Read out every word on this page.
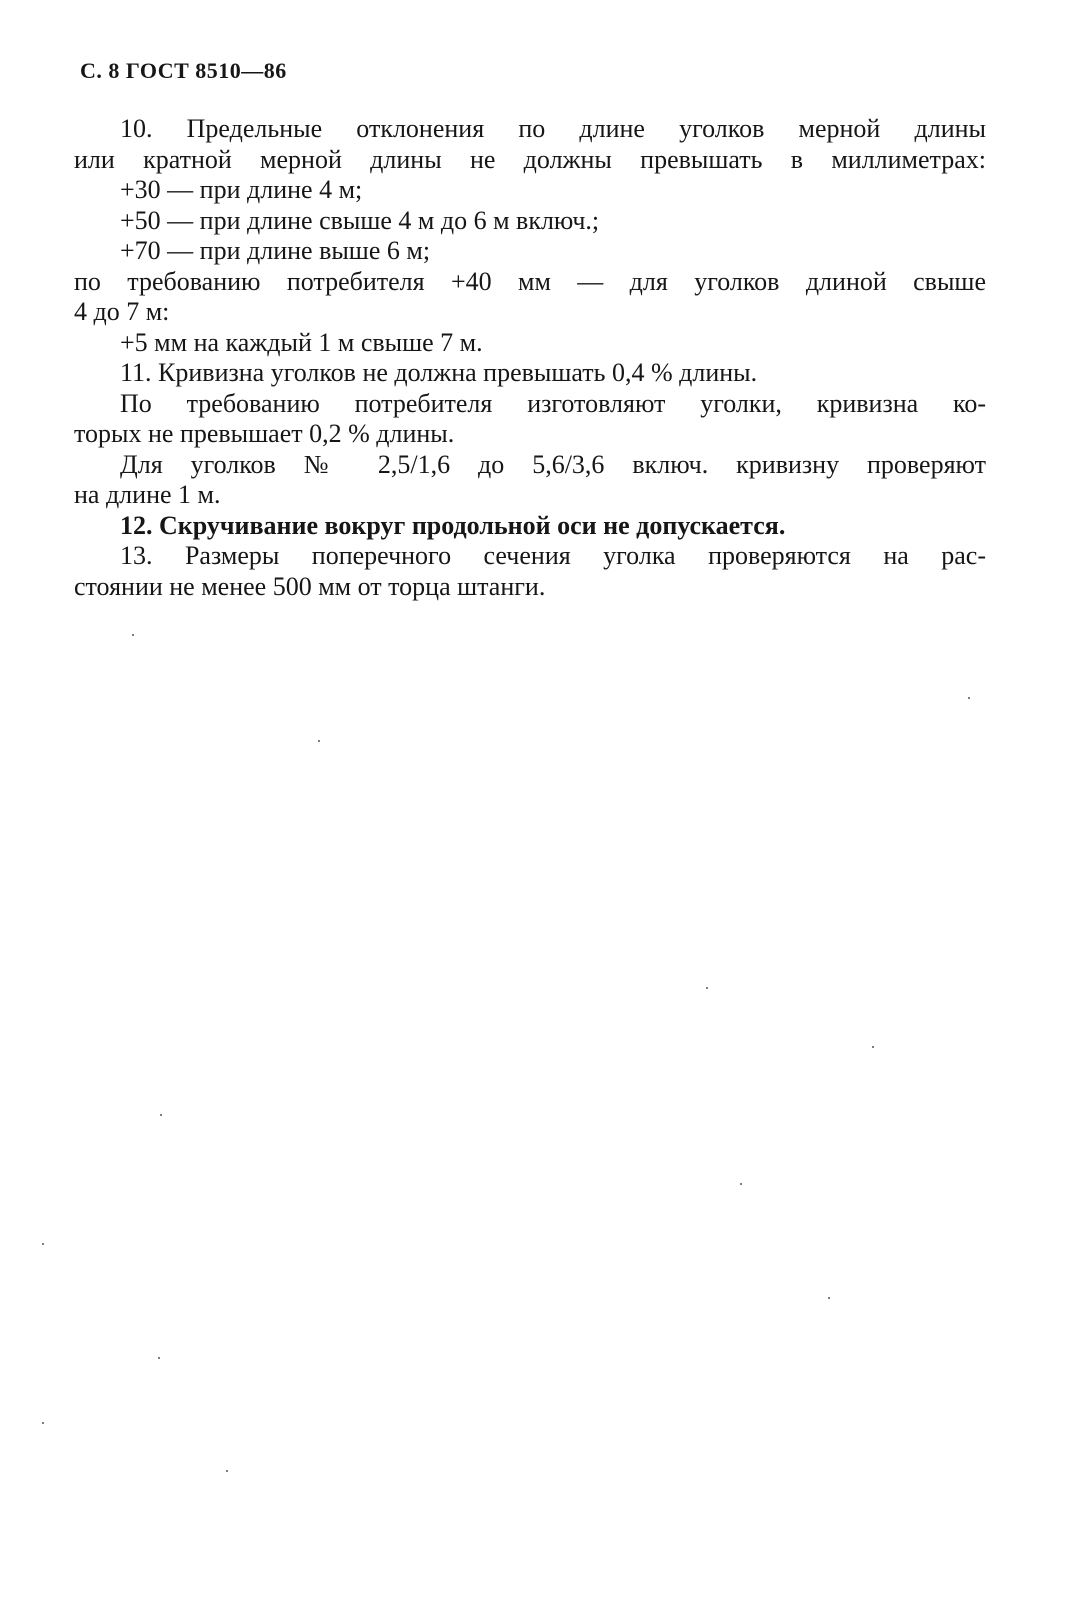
С. 8 ГОСТ 8510—86
10. Предельные отклонения по длине уголков мерной длины
или кратной мерной длины не должны превышать в миллиметрах:
+30 — при длине 4 м;
+50 — при длине свыше 4 м до 6 м включ.;
+70 — при длине выше 6 м;
по требованию потребителя +40 мм — для уголков длиной свыше
4 до 7 м:
+5 мм на каждый 1 м свыше 7 м.
11. Кривизна уголков не должна превышать 0,4 % длины.
По требованию потребителя изготовляют уголки, кривизна ко-
торых не превышает 0,2 % длины.
Для уголков № 2,5/1,6 до 5,6/3,6 включ. кривизну проверяют
на длине 1 м.
12. Скручивание вокруг продольной оси не допускается.
13. Размеры поперечного сечения уголка проверяются на рас-
стоянии не менее 500 мм от торца штанги.
